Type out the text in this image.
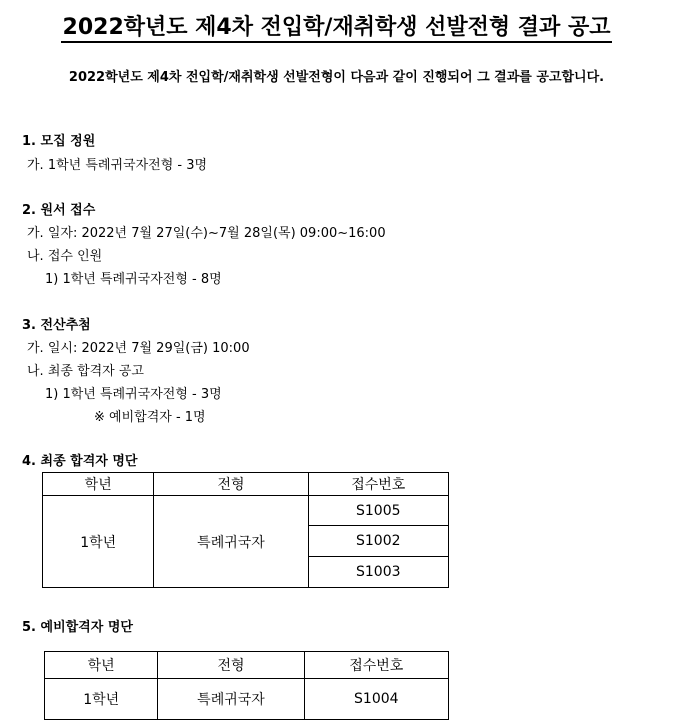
2022학년도 제4차 전입학/재취학생 선발전형 결과 공고
2022학년도 제4차 전입학/재취학생 선발전형이 다음과 같이 진행되어 그 결과를 공고합니다.
1. 모집 정원
가. 1학년 특례귀국자전형 - 3명
2. 원서 접수
가. 일자: 2022년 7월 27일(수)~7월 28일(목) 09:00~16:00
나. 접수 인원
1) 1학년 특례귀국자전형 - 8명
3. 전산추첨
가. 일시: 2022년 7월 29일(금) 10:00
나. 최종 합격자 공고
1) 1학년 특례귀국자전형 - 3명
※ 예비합격자 - 1명
4. 최종 합격자 명단
학년	전형	접수번호
1학년	특례귀국자	S1005
		S1002
		S1003
5. 예비합격자 명단
학년	전형	접수번호
1학년	특례귀국자	S1004
